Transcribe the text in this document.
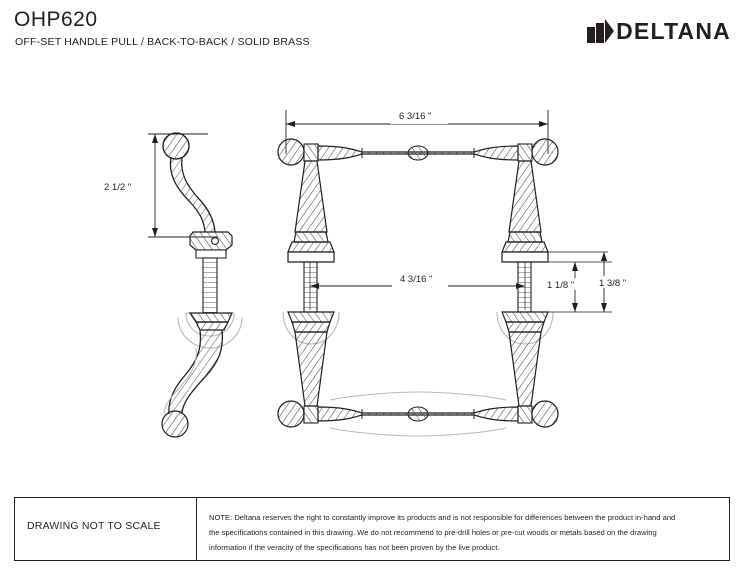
OHP620
OFF-SET HANDLE PULL / BACK-TO-BACK / SOLID BRASS	DELTANA
2 1/2 "
6 3/16 "
4 3/16 "
1 1/8 "	1 3/8 "
DRAWING NOT TO SCALE
NOTE: Deltana reserves the right to constantly improve its products and is not responsible for differences between the product in-hand and
the specifications contained in this drawing. We do not recommend to pre-drill holes or pre-cut woods or metals based on the drawing
information if the veracity of the specifications has not been proven by the live product.
